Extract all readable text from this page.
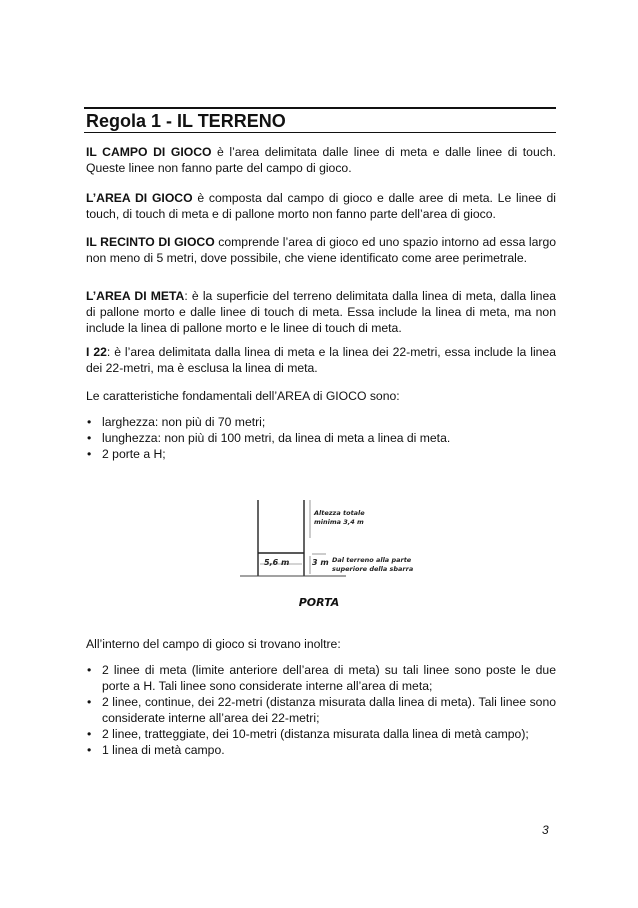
Regola 1 - IL TERRENO

IL CAMPO DI GIOCO è l’area delimitata dalle linee di meta e dalle linee di touch. Queste linee non fanno parte del campo di gioco.

L’AREA DI GIOCO è composta dal campo di gioco e dalle aree di meta. Le linee di touch, di touch di meta e di pallone morto non fanno parte dell’area di gioco.

IL RECINTO DI GIOCO comprende l’area di gioco ed uno spazio intorno ad essa largo non meno di 5 metri, dove possibile, che viene identificato come aree perimetrale.

L’AREA DI META: è la superficie del terreno delimitata dalla linea di meta, dalla linea di pallone morto e dalle linee di touch di meta. Essa include la linea di meta, ma non include la linea di pallone morto e le linee di touch di meta.

I 22: è l’area delimitata dalla linea di meta e la linea dei 22-metri, essa include la linea dei 22-metri, ma è esclusa la linea di meta.

Le caratteristiche fondamentali dell’AREA di GIOCO sono:

• larghezza: non più di 70 metri;
• lunghezza: non più di 100 metri, da linea di meta a linea di meta.
• 2 porte a H;
Altezza totale
minima 3,4 m
5,6 m	3 m Dal terreno alla parte
superiore della sbarra
PORTA

All’interno del campo di gioco si trovano inoltre:

• 2 linee di meta (limite anteriore dell’area di meta) su tali linee sono poste le due porte a H. Tali linee sono considerate interne all’area di meta;
• 2 linee, continue, dei 22-metri (distanza misurata dalla linea di meta). Tali linee sono considerate interne all’area dei 22-metri;
• 2 linee, tratteggiate, dei 10-metri (distanza misurata dalla linea di metà campo);
• 1 linea di metà campo.
3
